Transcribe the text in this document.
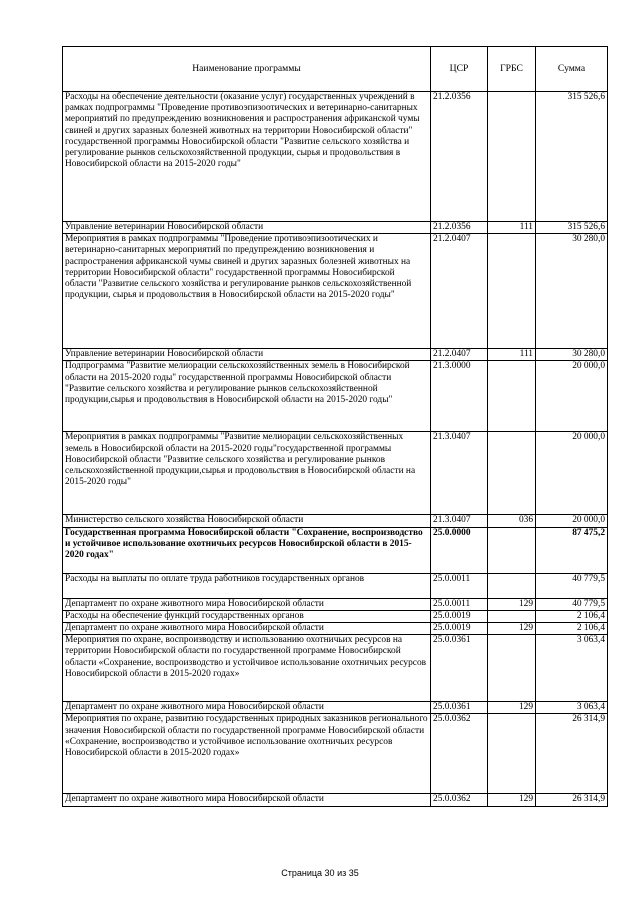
Наименование программы	ЦСР	ГРБС	Сумма
Расходы на обеспечение деятельности (оказание услуг) государственных учреждений в рамках подпрограммы "Проведение противоэпизоотических и ветеринарно-санитарных мероприятий по предупреждению возникновения и распространения африканской чумы свиней и других заразных болезней животных на территории Новосибирской области" государственной программы Новосибирской области "Развитие сельского хозяйства и регулирование рынков сельскохозяйственной продукции, сырья и продовольствия в Новосибирской области на 2015-2020 годы"	21.2.0356		315 526,6
Управление ветеринарии Новосибирской области	21.2.0356	111	315 526,6
Мероприятия в рамках подпрограммы "Проведение противоэпизоотических и ветеринарно-санитарных мероприятий по предупреждению возникновения и распространения африканской чумы свиней и других заразных болезней животных на территории Новосибирской области" государственной программы Новосибирской области "Развитие сельского хозяйства и регулирование рынков сельскохозяйственной продукции, сырья и продовольствия в Новосибирской области на 2015-2020 годы"	21.2.0407		30 280,0
Управление ветеринарии Новосибирской области	21.2.0407	111	30 280,0
Подпрограмма "Развитие мелиорации сельскохозяйственных земель в Новосибирской области на 2015-2020 годы" государственной программы Новосибирской области "Развитие сельского хозяйства и регулирование рынков сельскохозяйственной продукции,сырья и продовольствия в Новосибирской области на 2015-2020 годы"	21.3.0000		20 000,0
Мероприятия в рамках подпрограммы "Развитие мелиорации сельскохозяйственных земель в Новосибирской области на 2015-2020 годы"государственной программы Новосибирской области "Развитие сельского хозяйства и регулирование рынков сельскохозяйственной продукции,сырья и продовольствия в Новосибирской области на 2015-2020 годы"	21.3.0407		20 000,0
Министерство сельского хозяйства Новосибирской области	21.3.0407	036	20 000,0
Государственная программа Новосибирской области "Сохранение, воспроизводство и устойчивое использование охотничьих ресурсов Новосибирской области в 2015-2020 годах"	25.0.0000		87 475,2
Расходы на выплаты по оплате труда работников государственных органов	25.0.0011		40 779,5
Департамент по охране животного мира Новосибирской области	25.0.0011	129	40 779,5
Расходы на обеспечение функций государственных органов	25.0.0019		2 106,4
Департамент по охране животного мира Новосибирской области	25.0.0019	129	2 106,4
Мероприятия по охране, воспроизводству и использованию охотничьих ресурсов на территории Новосибирской области по государственной программе Новосибирской области «Сохранение, воспроизводство и устойчивое использование охотничьих ресурсов Новосибирской области в 2015-2020 годах»	25.0.0361		3 063,4
Департамент по охране животного мира Новосибирской области	25.0.0361	129	3 063,4
Мероприятия по охране, развитию государственных природных заказников регионального значения Новосибирской области по государственной программе Новосибирской области «Сохранение, воспроизводство и устойчивое использование охотничьих ресурсов Новосибирской области в 2015-2020 годах»	25.0.0362		26 314,9
Департамент по охране животного мира Новосибирской области	25.0.0362	129	26 314,9
Страница 30 из 35
